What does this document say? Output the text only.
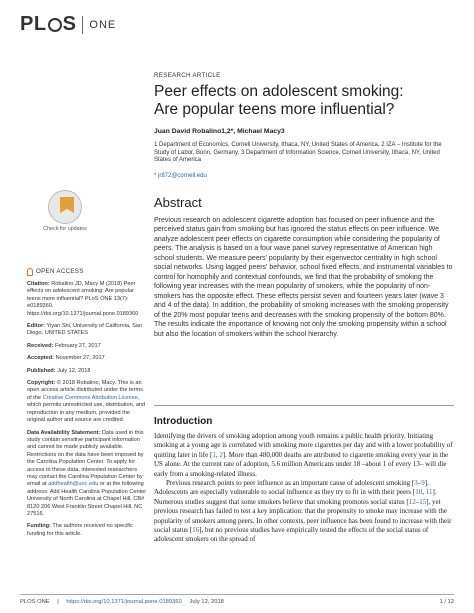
PL S ONE
Check for updates
OPEN ACCESS
Citation: Robalino JD, Macy M (2018) Peer effects on adolescent smoking: Are popular teens more influential? PLoS ONE 13(7): e0189360. https://doi.org/10.1371/journal.pone.0189360
Editor: Yiyan Shi, University of California, San Diego, UNITED STATES
Received: February 27, 2017
Accepted: November 27, 2017
Published: July 12, 2018
Copyright: © 2018 Robalino, Macy. This is an open access article distributed under the terms of the Creative Commons Attribution License, which permits unrestricted use, distribution, and reproduction in any medium, provided the original author and source are credited.
Data Availability Statement: Data used in this study contain sensitive participant information and cannot be made publicly available. Restrictions on the data have been imposed by the Carolina Population Center. To apply for access to these data, interested researchers may contact the Carolina Population Center by email at addhealth@unc.edu or at the following address: Add Health Carolina Population Center University of North Carolina at Chapel Hill, CB# 8120 206 West Franklin Street Chapel Hill, NC 27516.
Funding: The authors received no specific funding for this article.
RESEARCH ARTICLE
Peer effects on adolescent smoking:
Are popular teens more influential?
Juan David Robalino1,2*, Michael Macy3
1 Department of Economics, Cornell University, Ithaca, NY, United States of America, 2 IZA – Institute for the Study of Labor, Bonn, Germany, 3 Department of Information Science, Cornell University, Ithaca, NY, United States of America
* jr872@cornell.edu
Abstract
Previous research on adolescent cigarette adoption has focused on peer influence and the perceived status gain from smoking but has ignored the status effects on peer influence. We analyze adolescent peer effects on cigarette consumption while considering the popularity of peers. The analysis is based on a four wave panel survey representative of American high school students. We measure peers' popularity by their eigenvector centrality in high school social networks. Using lagged peers' behavior, school fixed effects, and instrumental variables to control for homophily and contextual confounds, we find that the probability of smoking the following year increases with the mean popularity of smokers, while the popularity of non-smokers has the opposite effect. These effects persist seven and fourteen years later (wave 3 and 4 of the data). In addition, the probability of smoking increases with the smoking propensity of the 20% most popular teens and decreases with the smoking propensity of the bottom 80%. The results indicate the importance of knowing not only the smoking propensity within a school but also the location of smokers within the school hierarchy.
Introduction

Identifying the drivers of smoking adoption among youth remains a public health priority. Initiating smoking at a young age is correlated with smoking more cigarettes per day and with a lower probability of quitting later in life [1, 2]. More than 480,000 deaths are attributed to cigarette smoking every year in the US alone. At the current rate of adoption, 5.6 million Americans under 18 –about 1 of every 13– will die early from a smoking-related illness.

Previous research points to peer influence as an important cause of adolescent smoking [3–9]. Adolescents are especially vulnerable to social influence as they try to fit in with their peers [10, 11]. Numerous studies suggest that some smokers believe that smoking promotes social status [12–15], yet previous research has failed to test a key implication: that the propensity to smoke may increase with the popularity of smokers among peers. In other contexts, peer influence has been found to increase with their social status [16], but no previous studies have empirically tested the effects of the social status of adolescent smokers on the spread of

PLOS ONE | https://doi.org/10.1371/journal.pone.0189360 July 12, 2018	1 / 12
